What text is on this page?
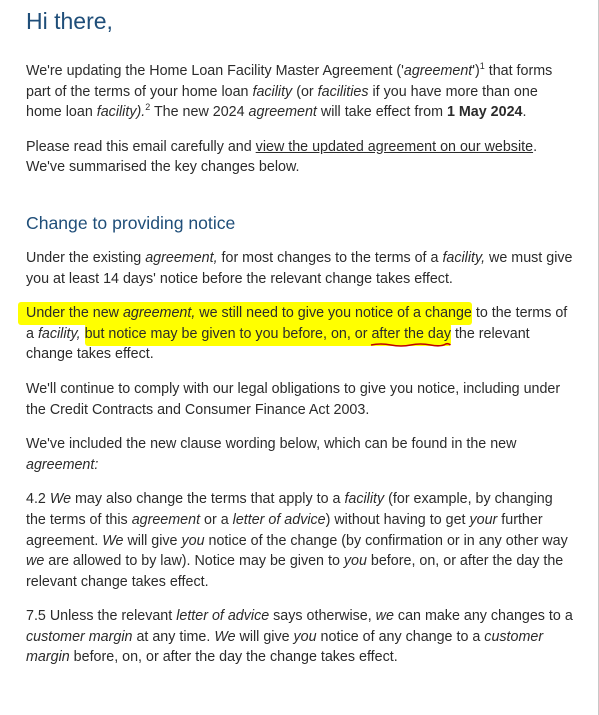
Hi there,

We're updating the Home Loan Facility Master Agreement ('agreement')$^1$ that forms part of the terms of your home loan facility (or facilities if you have more than one home loan facility).$^2$ The new 2024 agreement will take effect from 1 May 2024.

Please read this email carefully and view the updated agreement on our website. We've summarised the key changes below.

Change to providing notice

Under the existing agreement, for most changes to the terms of a facility, we must give you at least 14 days' notice before the relevant change takes effect.

Under the new agreement, we still need to give you notice of a change to the terms of a facility, but notice may be given to you before, on, or after the day
the relevant change takes effect.

We'll continue to comply with our legal obligations to give you notice, including under the Credit Contracts and Consumer Finance Act 2003.

We've included the new clause wording below, which can be found in the new agreement:

4.2 We may also change the terms that apply to a facility (for example, by changing the terms of this agreement or a letter of advice) without having to get your further agreement. We will give you notice of the change (by confirmation or in any other way we are allowed to by law). Notice may be given to you before, on, or after the day the relevant change takes effect.

7.5 Unless the relevant letter of advice says otherwise, we can make any changes to a customer margin at any time. We will give you notice of any change to a customer margin before, on, or after the day the change takes effect.
